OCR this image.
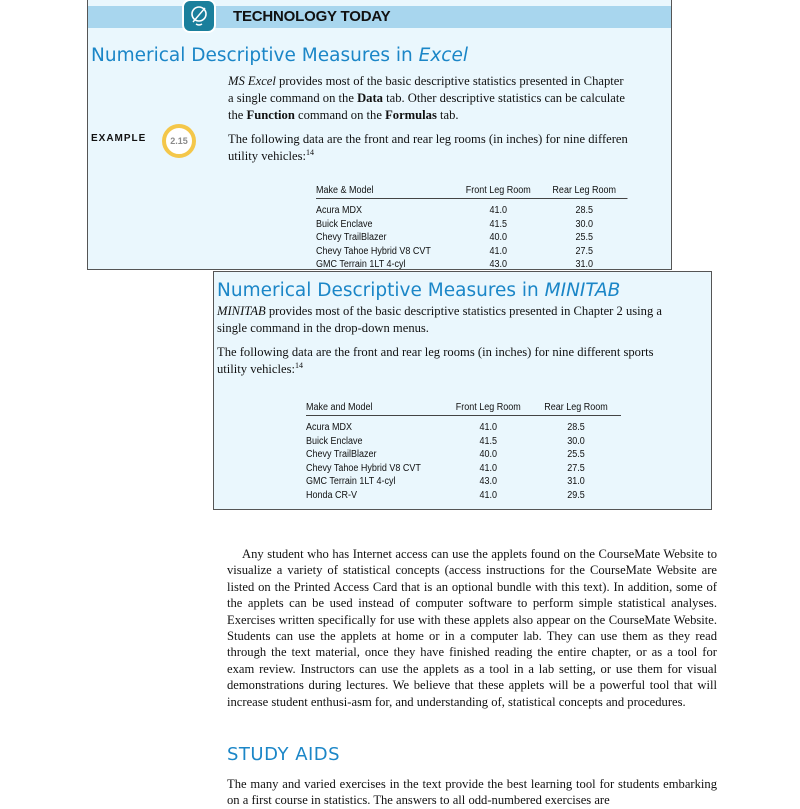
TECHNOLOGY TODAY
Numerical Descriptive Measures in Excel
MS Excel provides most of the basic descriptive statistics presented in Chapter
a single command on the Data tab. Other descriptive statistics can be calculate
the Function command on the Formulas tab.
The following data are the front and rear leg rooms (in inches) for nine differen
utility vehicles:$^{14}$
Make & Model	Front Leg Room	Rear Leg Room
Acura MDX	41.0	28.5
Buick Enclave	41.5	30.0
Chevy TrailBlazer	40.0	25.5
Chevy Tahoe Hybrid V8 CVT	41.0	27.5
GMC Terrain 1LT 4-cyl	43.0	31.0
EXAMPLE	2.15
Numerical Descriptive Measures in MINITAB
MINITAB provides most of the basic descriptive statistics presented in Chapter 2 using a
single command in the drop-down menus.
The following data are the front and rear leg rooms (in inches) for nine different sports
utility vehicles:$^{14}$
Make and Model	Front Leg Room	Rear Leg Room
Acura MDX	41.0	28.5
Buick Enclave	41.5	30.0
Chevy TrailBlazer	40.0	25.5
Chevy Tahoe Hybrid V8 CVT	41.0	27.5
GMC Terrain 1LT 4-cyl	43.0	31.0
Honda CR-V	41.0	29.5

Any student who has Internet access can use the applets found on the CourseMate Website to visualize a variety of statistical concepts (access instructions for the CourseMate Website are listed on the Printed Access Card that is an optional bundle with this text). In addition, some of the applets can be used instead of computer software to perform simple statistical analyses. Exercises written specifically for use with these applets also appear on the CourseMate Website. Students can use the applets at home or in a computer lab. They can use them as they read through the text material, once they have finished reading the entire chapter, or as a tool for exam review. Instructors can use the applets as a tool in a lab setting, or use them for visual demonstrations during lectures. We believe that these applets will be a powerful tool that will increase student enthusi-asm for, and understanding of, statistical concepts and procedures.

STUDY AIDS

The many and varied exercises in the text provide the best learning tool for students embarking on a first course in statistics. The answers to all odd-numbered exercises are
